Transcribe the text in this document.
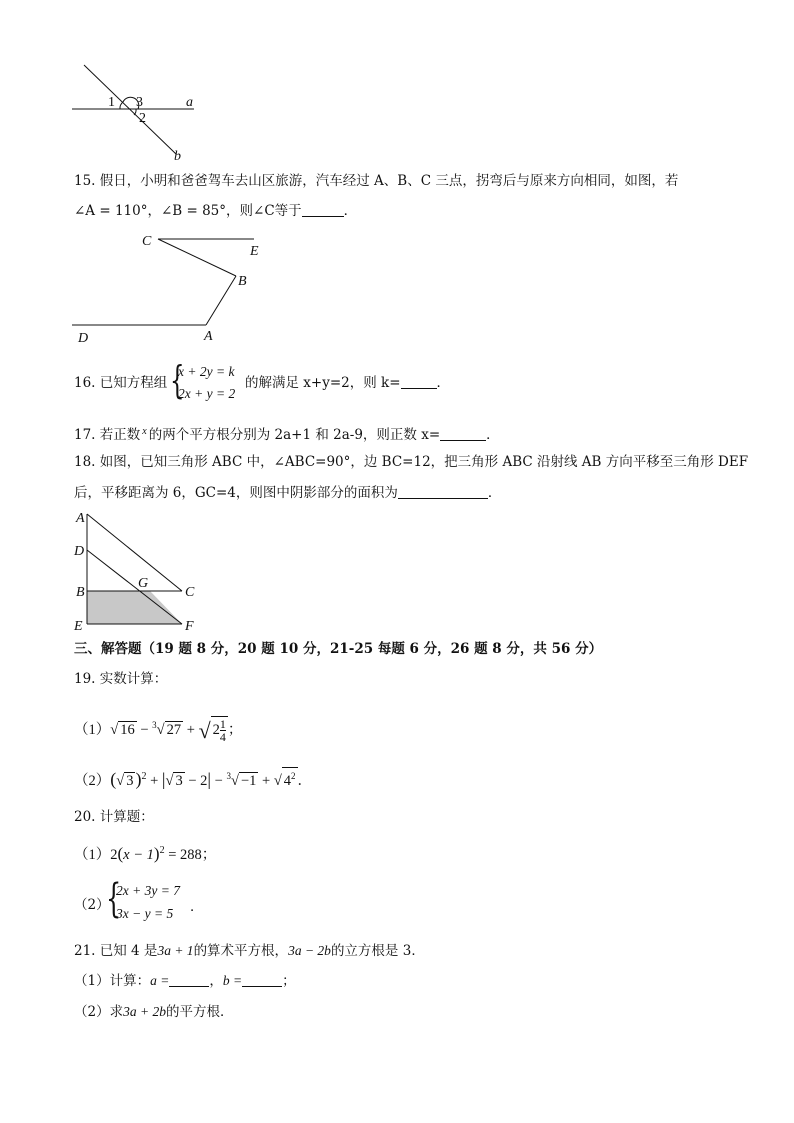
1 3
2
a
b
15. 假日，小明和爸爸驾车去山区旅游，汽车经过 A、B、C 三点，拐弯后与原来方向相同，如图，若
∠A = 110°，∠B = 85°，则∠C等于	．
C
E
B
D	A
16. 已知方程组 {
x + 2y = k
2x + y = 2
的解满足 x+y=2，则 k=	．
17. 若正数 $^x$ 的两个平方根分别为 2a+1 和 2a-9，则正数 x=	．
18. 如图，已知三角形 ABC 中，∠ABC=90°，边 BC=12，把三角形 ABC 沿射线 AB 方向平移至三角形 DEF
后，平移距离为 6，GC=4，则图中阴影部分的面积为	．
A
D
B
G
C
E	F
三、解答题（19 题 8 分，20 题 10 分，21-25 每题 6 分，26 题 8 分，共 56 分）
19. 实数计算：
（1）√ 16 − $^3$√ 27 + √ $2 \frac{1}{4}$ ；
（2）(√ 3 )$^2$ + |√ 3 − 2| − $^3$√ −1 + √ $4^2$ ．
20. 计算题：
$(1)2(x - 1)^2 = 288$；
（2）
{
2x + 3y = 7
3x − y = 5 ．
21. 已知 4 是3a + 1的算术平方根，3a − 2b的立方根是 3．
（1）计算：a =	，b =	；
（2）求3a + 2b的平方根．
